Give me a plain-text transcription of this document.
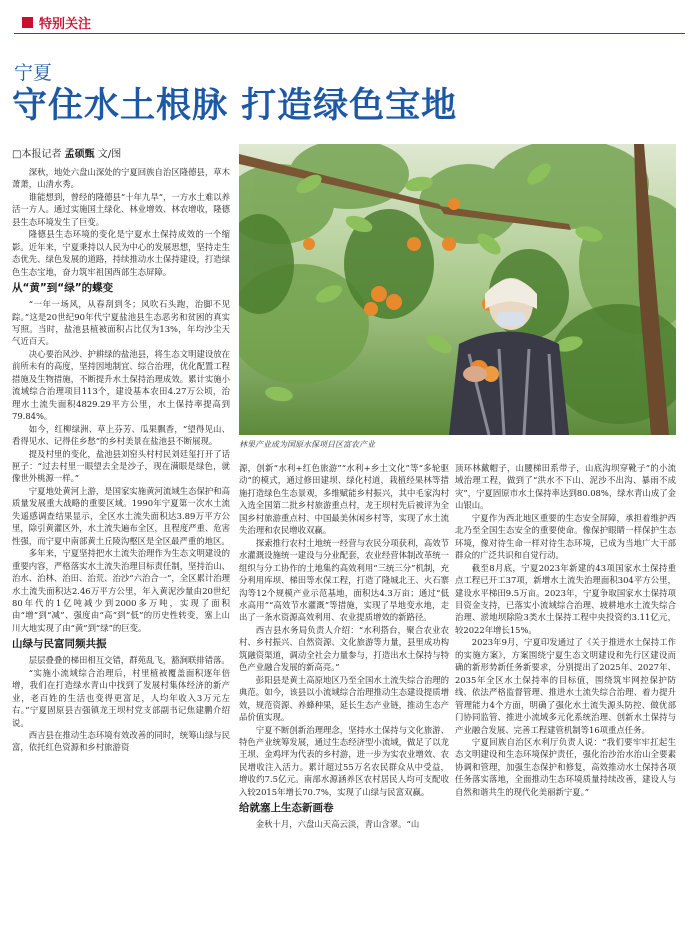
特别关注
宁夏
守住水土根脉 打造绿色宝地
□本报记者 孟硕甄 文/图

深秋，地处六盘山深处的宁夏回族自治区隆德县，草木萧萧，山清水秀。

谁能想到，曾经的隆德县“十年九旱”，一方水土难以养活一方人。通过实施国土绿化、林业增效、林农增收，隆德县生态环境发生了巨变。

隆德县生态环境的变化是宁夏水土保持成效的一个缩影。近年来，宁夏秉持以人民为中心的发展思想，坚持走生态优先、绿色发展的道路，持续推动水土保持建设，打造绿色生态宝地，奋力筑牢祖国西部生态屏障。

从“黄”到“绿”的蝶变

“一年一场风，从春刮到冬；风吹石头跑，治脚不见踪。”这是20世纪90年代宁夏盐池县生态恶劣和贫困的真实写照。当时，盐池县植被面积占比仅为13%，年均沙尘天气近百天。

决心要治风沙、护耕绿的盐池县，将生态文明建设放在前所未有的高度，坚持因地制宜、综合治理，优化配置工程措施及生物措施，不断提升水土保持治理成效。累计实施小流域综合治理项目113个，建设基本农田4.27万公顷，治理水土流失面积4829.29平方公里，水土保持率提高到79.84%。

如今，红柳绿洲、草上芬芳、瓜果飘香，“望得见山、看得见水、记得住乡愁”的乡村美景在盐池县不断展现。

提及村里的变化，盐池县刘窑头村村民刘廷玺打开了话匣子：“过去村里一眼望去全是沙子，现在满眼是绿色，就像世外桃源一样。”

宁夏地处黄河上游，是国家实施黄河流域生态保护和高质量发展重大战略的重要区域。1990年宁夏第一次水土流失遥感调查结果显示，全区水土流失面积达3.89万平方公里，除引黄灌区外，水土流失遍布全区，且程度严重、危害性强，而宁夏中南部黄土丘陵沟壑区是全区最严重的地区。

多年来，宁夏坚持把水土流失治理作为生态文明建设的重要内容，严格落实水土流失治理目标责任制，坚持治山、治水、治林、治田、治荒、治沙“六治合一”，全区累计治理水土流失面积达2.46万平方公里，年入黄泥沙量由20世纪80年代的1亿吨减少到2000多万吨，实现了面积由“增”到“减”、强度由“高”到“低”的历史性转变，塞上山川大地实现了由“黄”到“绿”的巨变。

山绿与民富同频共振

层层叠叠的梯田相互交错，群苑乱飞，豁涧联排错落。

“实施小流域综合治理后，村里植被覆盖面积逐年倍增，我们在打造绿水青山中找到了发展村集体经济的新产业，老百姓的生活也变得更富足，人均年收入3万元左右。”宁夏固原县吉强镇龙王坝村党支部副书记焦建鹏介绍说。

西吉县在推动生态环境有效改善的同时，统筹山绿与民富，依托红色资源和乡村旅游资

林果产业成为国原水保项目区富农产业

源，创新“水利+红色旅游”“水利+乡土文化”等“多轮驱动”的模式，通过修田建坝、绿化村道，栽植经果林等措施打造绿色生态景观，多维赋能乡村振兴，其中毛家沟村入选全国第二批乡村旅游重点村，龙王坝村先后被评为全国乡村旅游重点村、中国最美休闲乡村等，实现了水土流失治理和农民增收双赢。

探索推行农村土地统一经营与农民分项获利，高效节水灌溉设施统一建设与分业配套，农业经营体制改革统一组织与分工协作的土地集约高效利用“三统三分”机制，充分利用库坝、梯田等水保工程，打造了隆城北王、火石寨沟等12个规模产业示范基地，面积达4.3万亩；通过“低水高用”“高效节水灌溉”等措施，实现了旱地变水地，走出了一条水资源高效利用、农业提质增效的新路径。

西吉县水务局负责人介绍：“水利搭台，聚合农业农村、乡村振兴、自然资源、文化旅游等力量，县里成功构筑融资渠道，调动全社会力量参与，打造出水土保持与特色产业融合发展的新高亮。”

彭阳县是黄土高原地区乃至全国水土流失综合治理的典范。如今，该县以小流域综合治理推动生态建设提质增效，规范资源、养蜂种果，延长生态产业链，推动生态产品价值实现。

宁夏不断创新治理理念，坚持水土保持与文化旅游、特色产业统筹发展，通过生态经济型小流域，做足了以龙王坝、金鸡坪为代表的乡村游，进一步为实农业增效、农民增收注入活力。累计超过55万名农民群众从中受益，增收约7.5亿元。南部水源涵养区农村居民人均可支配收入较2015年增长70.7%，实现了山绿与民富双赢。

给就塞上生态新画卷

金秋十月，六盘山天高云淡，青山含翠。“山

顶环林戴帽子，山腰梯田系带子，山底沟坝穿靴子”的小流域治理工程，做到了“洪水不下山、泥沙不出沟、暴雨不成灾”，宁夏固原市水土保持率达到80.08%，绿水青山成了金山银山。

宁夏作为西北地区重要的生态安全屏障，承担着维护西北乃至全国生态安全的重要使命。像保护眼睛一样保护生态环境，像对待生命一样对待生态环境，已成为当地广大干部群众的广泛共识和自觉行动。

截至8月底，宁夏2023年新建的43项国家水土保持重点工程已开工37项，新增水土流失治理面积304平方公里，建设水平梯田9.5万亩。2023年，宁夏争取国家水土保持项目资金支持，已落实小流域综合治理、坡耕地水土流失综合治理、淤地坝除险3类水土保持工程中央投资约3.11亿元，较2022年增长15%。

2023年9月，宁夏印发通过了《关于推进水土保持工作的实施方案》，方案围绕宁夏生态文明建设和先行区建设而确的新形势新任务新要求，分别提出了2025年、2027年、2035年全区水土保持率的目标值，围绕筑牢网控保护防线、依法严格监督管理、推进水土流失综合治理、着力提升管理能力4个方面，明确了强化水土流失源头防控、做优部门协同监管、推进小流域多元化系统治理、创新水土保持与产业融合发展、完善工程建管机制等16项重点任务。

宁夏回族自治区水利厅负责人说：“我们要牢牢扛起生态文明建设和生态环境保护责任，强化治沙治水治山全要素协调和管理，加强生态保护和修复，高效推动水土保持各项任务落实落地，全面推动生态环境质量持续改善，建设人与自然和谐共生的现代化美丽新宁夏。”
